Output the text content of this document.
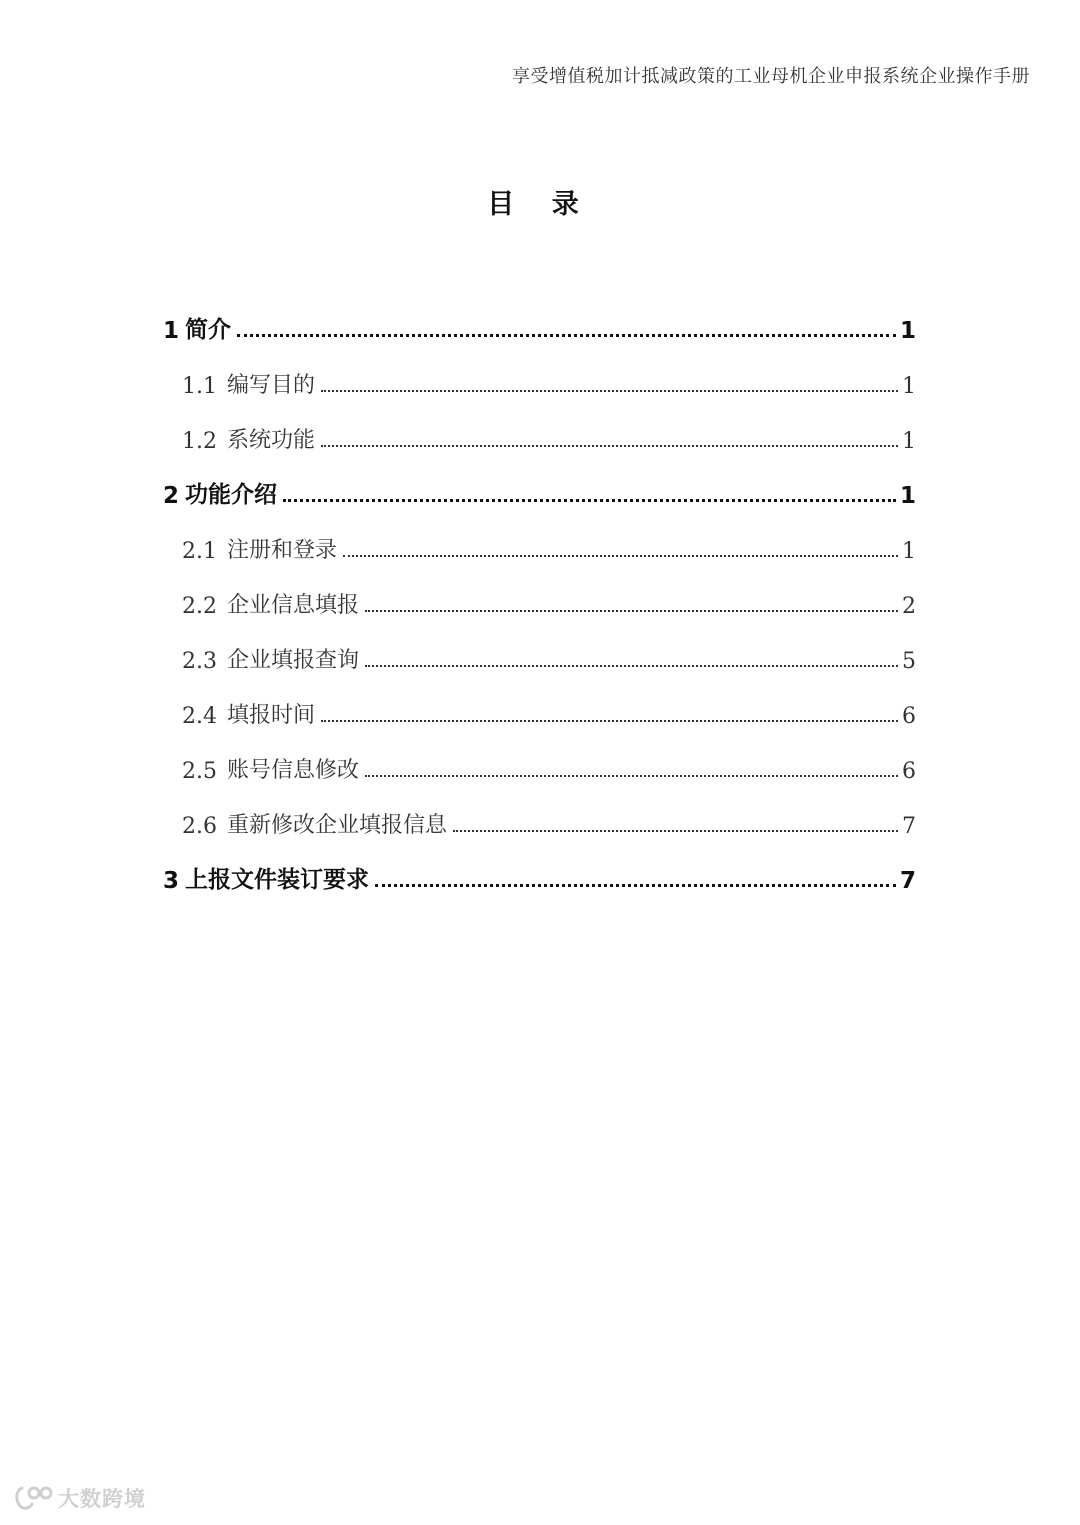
享受增值税加计抵减政策的工业母机企业申报系统企业操作手册
目 录
1 简介	1
1.1 编写目的	1
1.2 系统功能	1
2 功能介绍	1
2.1 注册和登录	1
2.2 企业信息填报	2
2.3 企业填报查询	5
2.4 填报时间	6
2.5 账号信息修改	6
2.6 重新修改企业填报信息	7
3 上报文件装订要求	7
大数跨境
